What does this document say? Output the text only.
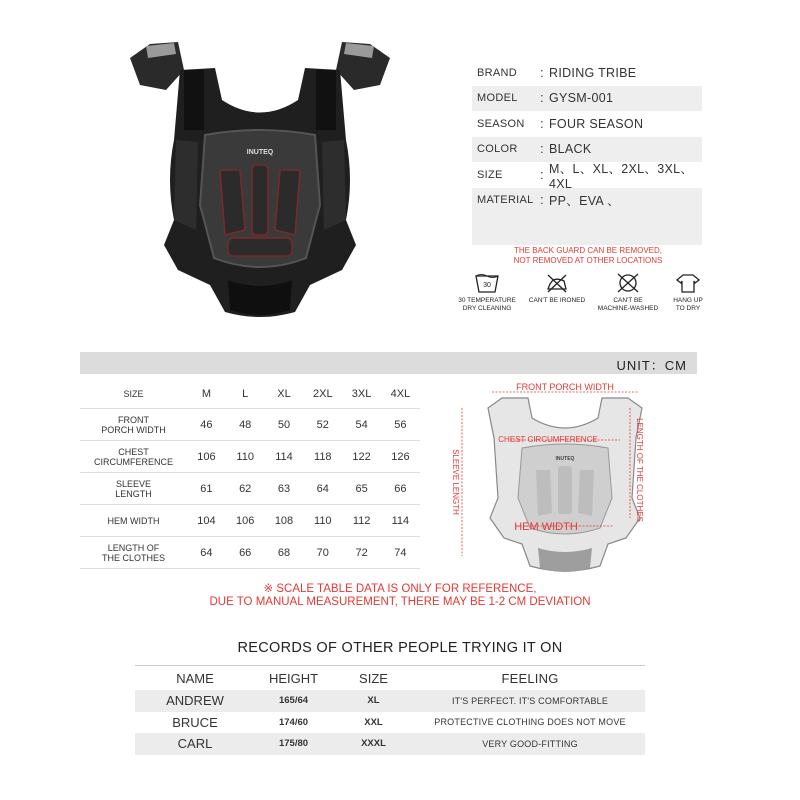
INUTEQ
BRAND	: RIDING TRIBE
MODEL	: GYSM-001
SEASON	: FOUR SEASON
COLOR	: BLACK
SIZE	: M、L、XL、2XL、3XL、4XL
MATERIAL : PP、EVA 、
THE BACK GUARD CAN BE REMOVED,
NOT REMOVED AT OTHER LOCATIONS
30
30 TEMPERATURE
DRY CLEANING
CAN'T BE IRONED	CAN'T BE
MACHINE-WASHED
HANG UP
TO DRY
UNIT：CM
SIZE	M	L	XL	2XL	3XL	4XL
FRONT
PORCH WIDTH	46	48	50	52	54	56
CHEST
CIRCUMFERENCE	106	110	114	118	122	126
SLEEVE
LENGTH	61	62	63	64	65	66
HEM WIDTH	104	106	108	110	112	114
LENGTH OF
THE CLOTHES	64	66	68	70	72	74
INUTEQ
FRONT PORCH WIDTH
CHEST CIRCUMFERENCE
HEM WIDTH
SLEEVE LENGTH	LENGTH OF THE CLOTHES
※ SCALE TABLE DATA IS ONLY FOR REFERENCE,
DUE TO MANUAL MEASUREMENT, THERE MAY BE 1-2 CM DEVIATION
RECORDS OF OTHER PEOPLE TRYING IT ON
NAME	HEIGHT	SIZE	FEELING
ANDREW	165/64	XL	IT'S PERFECT. IT'S COMFORTABLE
BRUCE	174/60	XXL	PROTECTIVE CLOTHING DOES NOT MOVE
CARL	175/80	XXXL	VERY GOOD-FITTING
